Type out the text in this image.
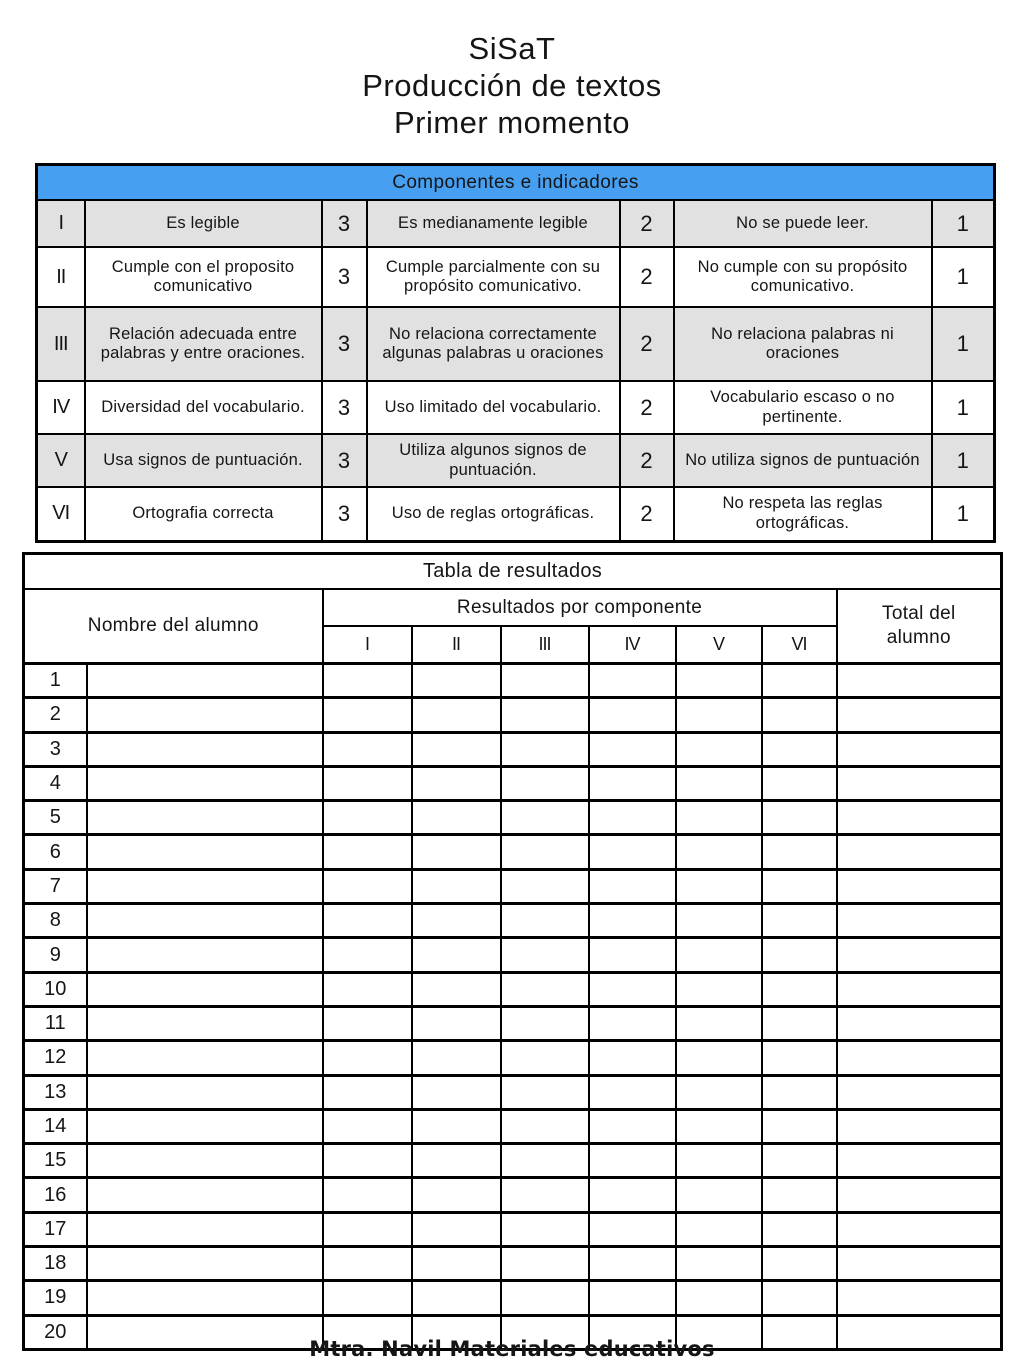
SiSaT
Producción de textos
Primer momento
Componentes e indicadores						
I	Es legible	3	Es medianamente legible	2	No se puede leer.	1
II	Cumple con el proposito comunicativo	3	Cumple parcialmente con su propósito comunicativo.	2	No cumple con su propósito comunicativo.	1
III	Relación adecuada entre palabras y entre oraciones.	3	No relaciona correctamente algunas palabras u oraciones	2	No relaciona palabras ni oraciones	1
IV	Diversidad del vocabulario.	3	Uso limitado del vocabulario.	2	Vocabulario escaso o no pertinente.	1
V	Usa signos de puntuación.	3	Utiliza algunos signos de puntuación.	2	No utiliza signos de puntuación	1
VI	Ortografia correcta	3	Uso de reglas ortográficas.	2	No respeta las reglas ortográficas.	1
Tabla de resultados								
Nombre del alumno		Resultados por componente						Total del alumno
		I	II	III	IV	V	VI	
1								
2								
3								
4								
5								
6								
7								
8								
9								
10								
11								
12								
13								
14								
15								
16								
17								
18								
19								
20								
Mtra. Navil Materiales educativos
